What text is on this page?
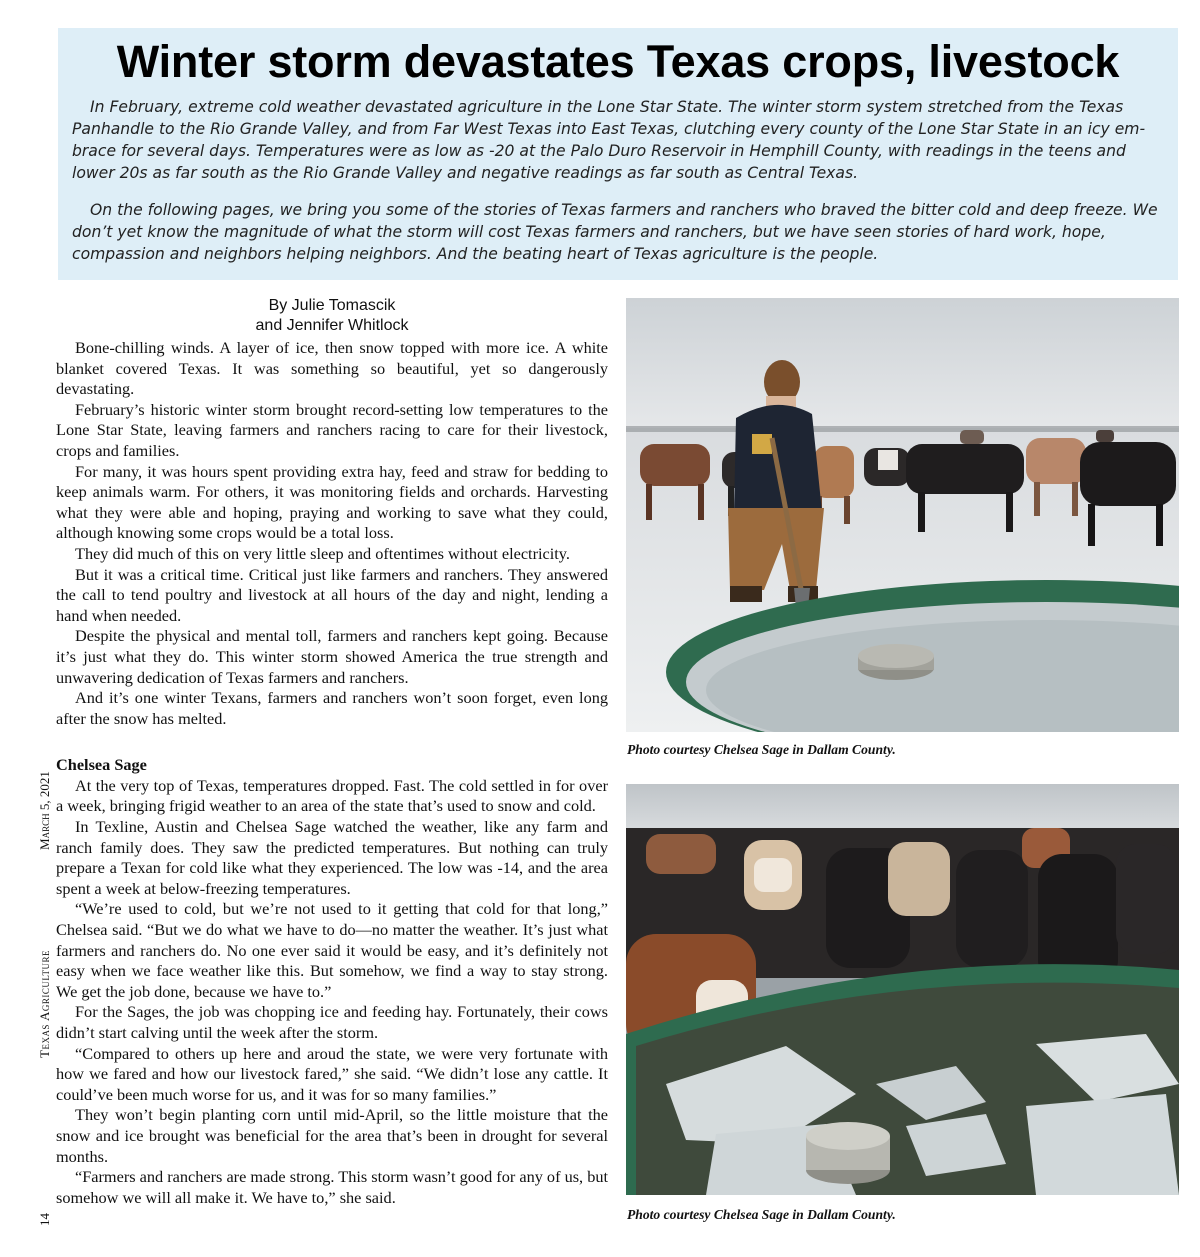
Winter storm devastates Texas crops, livestock

In February, extreme cold weather devastated agriculture in the Lone Star State. The winter storm system stretched from the Texas Panhandle to the Rio Grande Valley, and from Far West Texas into East Texas, clutching every county of the Lone Star State in an icy embrace for several days. Temperatures were as low as -20 at the Palo Duro Reservoir in Hemphill County, with readings in the teens and lower 20s as far south as the Rio Grande Valley and negative readings as far south as Central Texas.

On the following pages, we bring you some of the stories of Texas farmers and ranchers who braved the bitter cold and deep freeze. We don’t yet know the magnitude of what the storm will cost Texas farmers and ranchers, but we have seen stories of hard work, hope, compassion and neighbors helping neighbors. And the beating heart of Texas agriculture is the people.

By Julie Tomascik
and Jennifer Whitlock

Bone-chilling winds. A layer of ice, then snow topped with more ice. A white blanket covered Texas. It was something so beautiful, yet so dangerously devastating.

February’s historic winter storm brought record-setting low temperatures to the Lone Star State, leaving farmers and ranchers racing to care for their livestock, crops and families.

For many, it was hours spent providing extra hay, feed and straw for bedding to keep animals warm. For others, it was monitoring fields and orchards. Harvesting what they were able and hoping, praying and working to save what they could, although knowing some crops would be a total loss.

They did much of this on very little sleep and oftentimes without electricity.

But it was a critical time. Critical just like farmers and ranchers. They answered the call to tend poultry and livestock at all hours of the day and night, lending a hand when needed.

Despite the physical and mental toll, farmers and ranchers kept going. Because it’s just what they do. This winter storm showed America the true strength and unwavering dedication of Texas farmers and ranchers.

And it’s one winter Texans, farmers and ranchers won’t soon forget, even long after the snow has melted.

Chelsea Sage

At the very top of Texas, temperatures dropped. Fast. The cold settled in for over a week, bringing frigid weather to an area of the state that’s used to snow and cold.

In Texline, Austin and Chelsea Sage watched the weather, like any farm and ranch family does. They saw the predicted temperatures. But nothing can truly prepare a Texan for cold like what they experienced. The low was -14, and the area spent a week at below-freezing temperatures.

“We’re used to cold, but we’re not used to it getting that cold for that long,” Chelsea said. “But we do what we have to do—no matter the weather. It’s just what farmers and ranchers do. No one ever said it would be easy, and it’s definitely not easy when we face weather like this. But somehow, we find a way to stay strong. We get the job done, because we have to.”

For the Sages, the job was chopping ice and feeding hay. Fortunately, their cows didn’t start calving until the week after the storm.

“Compared to others up here and aroud the state, we were very fortunate with how we fared and how our livestock fared,” she said. “We didn’t lose any cattle. It could’ve been much worse for us, and it was for so many families.”

They won’t begin planting corn until mid-April, so the little moisture that the snow and ice brought was beneficial for the area that’s been in drought for several months.

“Farmers and ranchers are made strong. This storm wasn’t good for any of us, but somehow we will all make it. We have to,” she said.

Photo courtesy Chelsea Sage in Dallam County.

Photo courtesy Chelsea Sage in Dallam County.

14Texas AgricultureMarch 5, 2021
